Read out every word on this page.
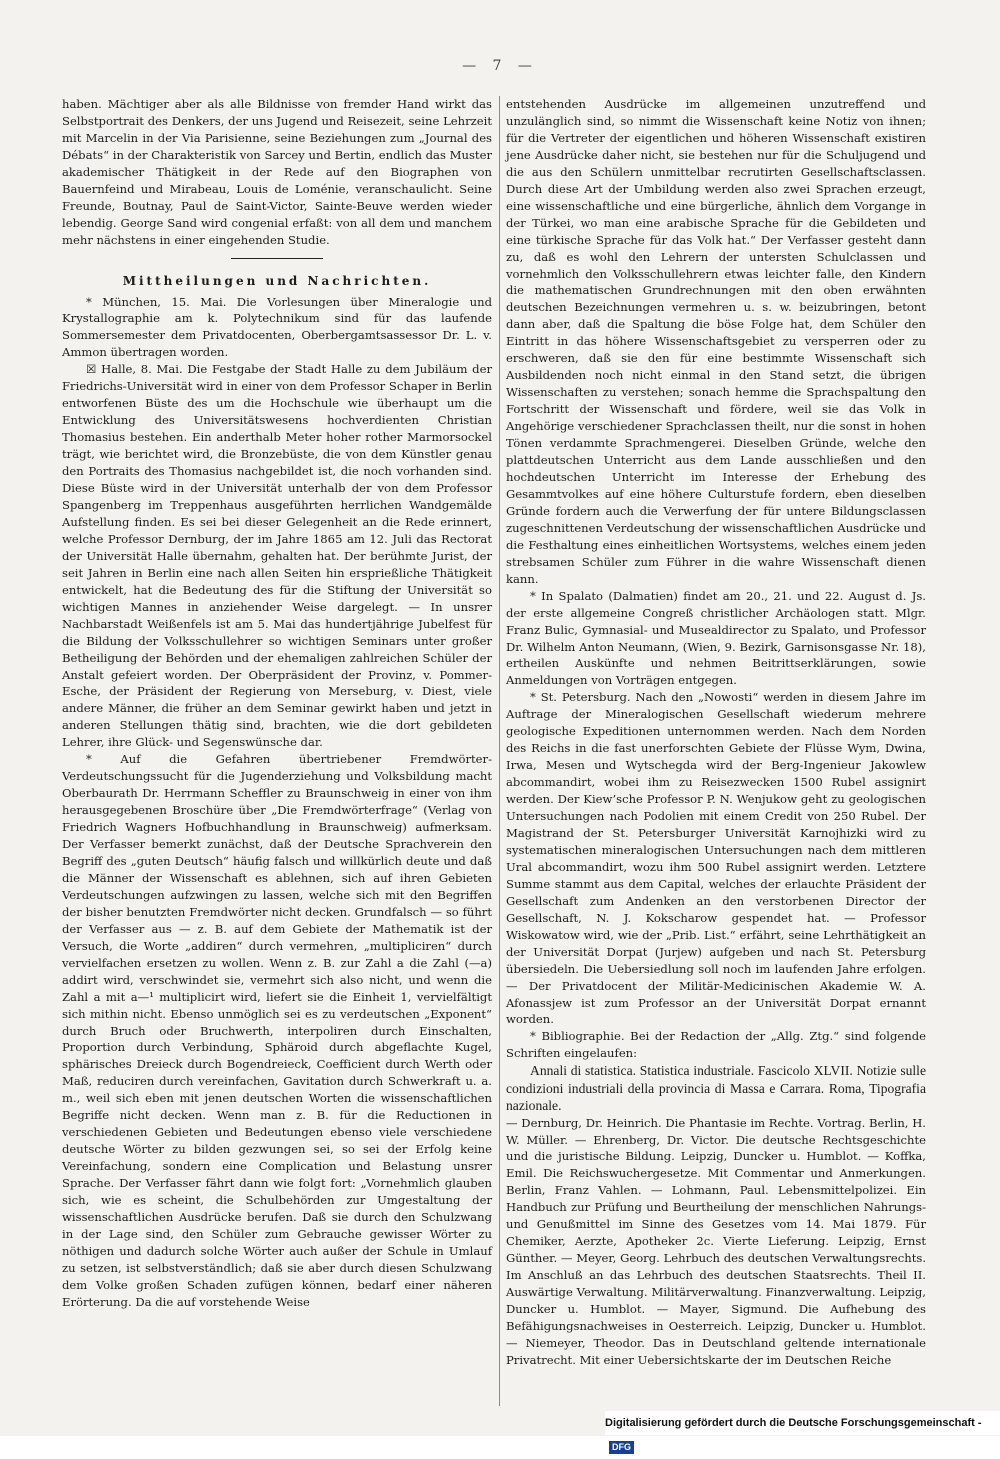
— 7 —

haben. Mächtiger aber als alle Bildnisse von fremder Hand wirkt das Selbstportrait des Denkers, der uns Jugend und Reisezeit, seine Lehrzeit mit Marcelin in der Via Parisienne, seine Beziehungen zum „Journal des Débats“ in der Charakteristik von Sarcey und Bertin, endlich das Muster akademischer Thätigkeit in der Rede auf den Biographen von Bauernfeind und Mirabeau, Louis de Loménie, veranschaulicht. Seine Freunde, Boutnay, Paul de Saint-Victor, Sainte-Beuve werden wieder lebendig. George Sand wird congenial erfaßt: von all dem und manchem mehr nächstens in einer eingehenden Studie.

Mittheilungen und Nachrichten.

* München, 15. Mai. Die Vorlesungen über Mineralogie und Krystallographie am k. Polytechnikum sind für das laufende Sommersemester dem Privatdocenten, Oberbergamtsassessor Dr. L. v. Ammon übertragen worden.

☒ Halle, 8. Mai. Die Festgabe der Stadt Halle zu dem Jubiläum der Friedrichs-Universität wird in einer von dem Professor Schaper in Berlin entworfenen Büste des um die Hochschule wie überhaupt um die Entwicklung des Universitätswesens hochverdienten Christian Thomasius bestehen. Ein anderthalb Meter hoher rother Marmorsockel trägt, wie berichtet wird, die Bronzebüste, die von dem Künstler genau den Portraits des Thomasius nachgebildet ist, die noch vorhanden sind. Diese Büste wird in der Universität unterhalb der von dem Professor Spangenberg im Treppenhaus ausgeführten herrlichen Wandgemälde Aufstellung finden. Es sei bei dieser Gelegenheit an die Rede erinnert, welche Professor Dernburg, der im Jahre 1865 am 12. Juli das Rectorat der Universität Halle übernahm, gehalten hat. Der berühmte Jurist, der seit Jahren in Berlin eine nach allen Seiten hin ersprießliche Thätigkeit entwickelt, hat die Bedeutung des für die Stiftung der Universität so wichtigen Mannes in anziehender Weise dargelegt. — In unsrer Nachbarstadt Weißenfels ist am 5. Mai das hundertjährige Jubelfest für die Bildung der Volksschullehrer so wichtigen Seminars unter großer Betheiligung der Behörden und der ehemaligen zahlreichen Schüler der Anstalt gefeiert worden. Der Oberpräsident der Provinz, v. Pommer-Esche, der Präsident der Regierung von Merseburg, v. Diest, viele andere Männer, die früher an dem Seminar gewirkt haben und jetzt in anderen Stellungen thätig sind, brachten, wie die dort gebildeten Lehrer, ihre Glück- und Segenswünsche dar.

* Auf die Gefahren übertriebener Fremdwörter-Verdeutschungssucht für die Jugenderziehung und Volksbildung macht Oberbaurath Dr. Herrmann Scheffler zu Braunschweig in einer von ihm herausgegebenen Broschüre über „Die Fremdwörterfrage“ (Verlag von Friedrich Wagners Hofbuchhandlung in Braunschweig) aufmerksam. Der Verfasser bemerkt zunächst, daß der Deutsche Sprachverein den Begriff des „guten Deutsch“ häufig falsch und willkürlich deute und daß die Männer der Wissenschaft es ablehnen, sich auf ihren Gebieten Verdeutschungen aufzwingen zu lassen, welche sich mit den Begriffen der bisher benutzten Fremdwörter nicht decken. Grundfalsch — so führt der Verfasser aus — z. B. auf dem Gebiete der Mathematik ist der Versuch, die Worte „addiren“ durch vermehren, „multipliciren“ durch vervielfachen ersetzen zu wollen. Wenn z. B. zur Zahl a die Zahl (—a) addirt wird, verschwindet sie, vermehrt sich also nicht, und wenn die Zahl a mit a—¹ multiplicirt wird, liefert sie die Einheit 1, vervielfältigt sich mithin nicht. Ebenso unmöglich sei es zu verdeutschen „Exponent“ durch Bruch oder Bruchwerth, interpoliren durch Einschalten, Proportion durch Verbindung, Sphäroid durch abgeflachte Kugel, sphärisches Dreieck durch Bogendreieck, Coefficient durch Werth oder Maß, reduciren durch vereinfachen, Gavitation durch Schwerkraft u. a. m., weil sich eben mit jenen deutschen Worten die wissenschaftlichen Begriffe nicht decken. Wenn man z. B. für die Reductionen in verschiedenen Gebieten und Bedeutungen ebenso viele verschiedene deutsche Wörter zu bilden gezwungen sei, so sei der Erfolg keine Vereinfachung, sondern eine Complication und Belastung unsrer Sprache. Der Verfasser fährt dann wie folgt fort: „Vornehmlich glauben sich, wie es scheint, die Schulbehörden zur Umgestaltung der wissenschaftlichen Ausdrücke berufen. Daß sie durch den Schulzwang in der Lage sind, den Schüler zum Gebrauche gewisser Wörter zu nöthigen und dadurch solche Wörter auch außer der Schule in Umlauf zu setzen, ist selbstverständlich; daß sie aber durch diesen Schulzwang dem Volke großen Schaden zufügen können, bedarf einer näheren Erörterung. Da die auf vorstehende Weise

entstehenden Ausdrücke im allgemeinen unzutreffend und unzulänglich sind, so nimmt die Wissenschaft keine Notiz von ihnen; für die Vertreter der eigentlichen und höheren Wissenschaft existiren jene Ausdrücke daher nicht, sie bestehen nur für die Schuljugend und die aus den Schülern unmittelbar recrutirten Gesellschaftsclassen. Durch diese Art der Umbildung werden also zwei Sprachen erzeugt, eine wissenschaftliche und eine bürgerliche, ähnlich dem Vorgange in der Türkei, wo man eine arabische Sprache für die Gebildeten und eine türkische Sprache für das Volk hat.“ Der Verfasser gesteht dann zu, daß es wohl den Lehrern der untersten Schulclassen und vornehmlich den Volksschullehrern etwas leichter falle, den Kindern die mathematischen Grundrechnungen mit den oben erwähnten deutschen Bezeichnungen vermehren u. s. w. beizubringen, betont dann aber, daß die Spaltung die böse Folge hat, dem Schüler den Eintritt in das höhere Wissenschaftsgebiet zu versperren oder zu erschweren, daß sie den für eine bestimmte Wissenschaft sich Ausbildenden noch nicht einmal in den Stand setzt, die übrigen Wissenschaften zu verstehen; sonach hemme die Sprachspaltung den Fortschritt der Wissenschaft und fördere, weil sie das Volk in Angehörige verschiedener Sprachclassen theilt, nur die sonst in hohen Tönen verdammte Sprachmengerei. Dieselben Gründe, welche den plattdeutschen Unterricht aus dem Lande ausschließen und den hochdeutschen Unterricht im Interesse der Erhebung des Gesammtvolkes auf eine höhere Culturstufe fordern, eben dieselben Gründe fordern auch die Verwerfung der für untere Bildungsclassen zugeschnittenen Verdeutschung der wissenschaftlichen Ausdrücke und die Festhaltung eines einheitlichen Wortsystems, welches einem jeden strebsamen Schüler zum Führer in die wahre Wissenschaft dienen kann.

* In Spalato (Dalmatien) findet am 20., 21. und 22. August d. Js. der erste allgemeine Congreß christlicher Archäologen statt. Mlgr. Franz Bulic, Gymnasial- und Musealdirector zu Spalato, und Professor Dr. Wilhelm Anton Neumann, (Wien, 9. Bezirk, Garnisonsgasse Nr. 18), ertheilen Auskünfte und nehmen Beitrittserklärungen, sowie Anmeldungen von Vorträgen entgegen.

* St. Petersburg. Nach den „Nowosti“ werden in diesem Jahre im Auftrage der Mineralogischen Gesellschaft wiederum mehrere geologische Expeditionen unternommen werden. Nach dem Norden des Reichs in die fast unerforschten Gebiete der Flüsse Wym, Dwina, Irwa, Mesen und Wytschegda wird der Berg-Ingenieur Jakowlew abcommandirt, wobei ihm zu Reisezwecken 1500 Rubel assignirt werden. Der Kiew’sche Professor P. N. Wenjukow geht zu geologischen Untersuchungen nach Podolien mit einem Credit von 250 Rubel. Der Magistrand der St. Petersburger Universität Karnojhizki wird zu systematischen mineralogischen Untersuchungen nach dem mittleren Ural abcommandirt, wozu ihm 500 Rubel assignirt werden. Letztere Summe stammt aus dem Capital, welches der erlauchte Präsident der Gesellschaft zum Andenken an den verstorbenen Director der Gesellschaft, N. J. Kokscharow gespendet hat. — Professor Wiskowatow wird, wie der „Prib. List.“ erfährt, seine Lehrthätigkeit an der Universität Dorpat (Jurjew) aufgeben und nach St. Petersburg übersiedeln. Die Uebersiedlung soll noch im laufenden Jahre erfolgen. — Der Privatdocent der Militär-Medicinischen Akademie W. A. Afonassjew ist zum Professor an der Universität Dorpat ernannt worden.

* Bibliographie. Bei der Redaction der „Allg. Ztg.“ sind folgende Schriften eingelaufen:

Annali di statistica. Statistica industriale. Fascicolo XLVII. Notizie sulle condizioni industriali della provincia di Massa e Carrara. Roma, Tipografia nazionale.

— Dernburg, Dr. Heinrich. Die Phantasie im Rechte. Vortrag. Berlin, H. W. Müller. — Ehrenberg, Dr. Victor. Die deutsche Rechtsgeschichte und die juristische Bildung. Leipzig, Duncker u. Humblot. — Koffka, Emil. Die Reichswuchergesetze. Mit Commentar und Anmerkungen. Berlin, Franz Vahlen. — Lohmann, Paul. Lebensmittelpolizei. Ein Handbuch zur Prüfung und Beurtheilung der menschlichen Nahrungs- und Genußmittel im Sinne des Gesetzes vom 14. Mai 1879. Für Chemiker, Aerzte, Apotheker 2c. Vierte Lieferung. Leipzig, Ernst Günther. — Meyer, Georg. Lehrbuch des deutschen Verwaltungsrechts. Im Anschluß an das Lehrbuch des deutschen Staatsrechts. Theil II. Auswärtige Verwaltung. Militärverwaltung. Finanzverwaltung. Leipzig, Duncker u. Humblot. — Mayer, Sigmund. Die Aufhebung des Befähigungsnachweises in Oesterreich. Leipzig, Duncker u. Humblot. — Niemeyer, Theodor. Das in Deutschland geltende internationale Privatrecht. Mit einer Uebersichtskarte der im Deutschen Reiche

Digitalisierung gefördert durch die Deutsche Forschungsgemeinschaft -DFG
